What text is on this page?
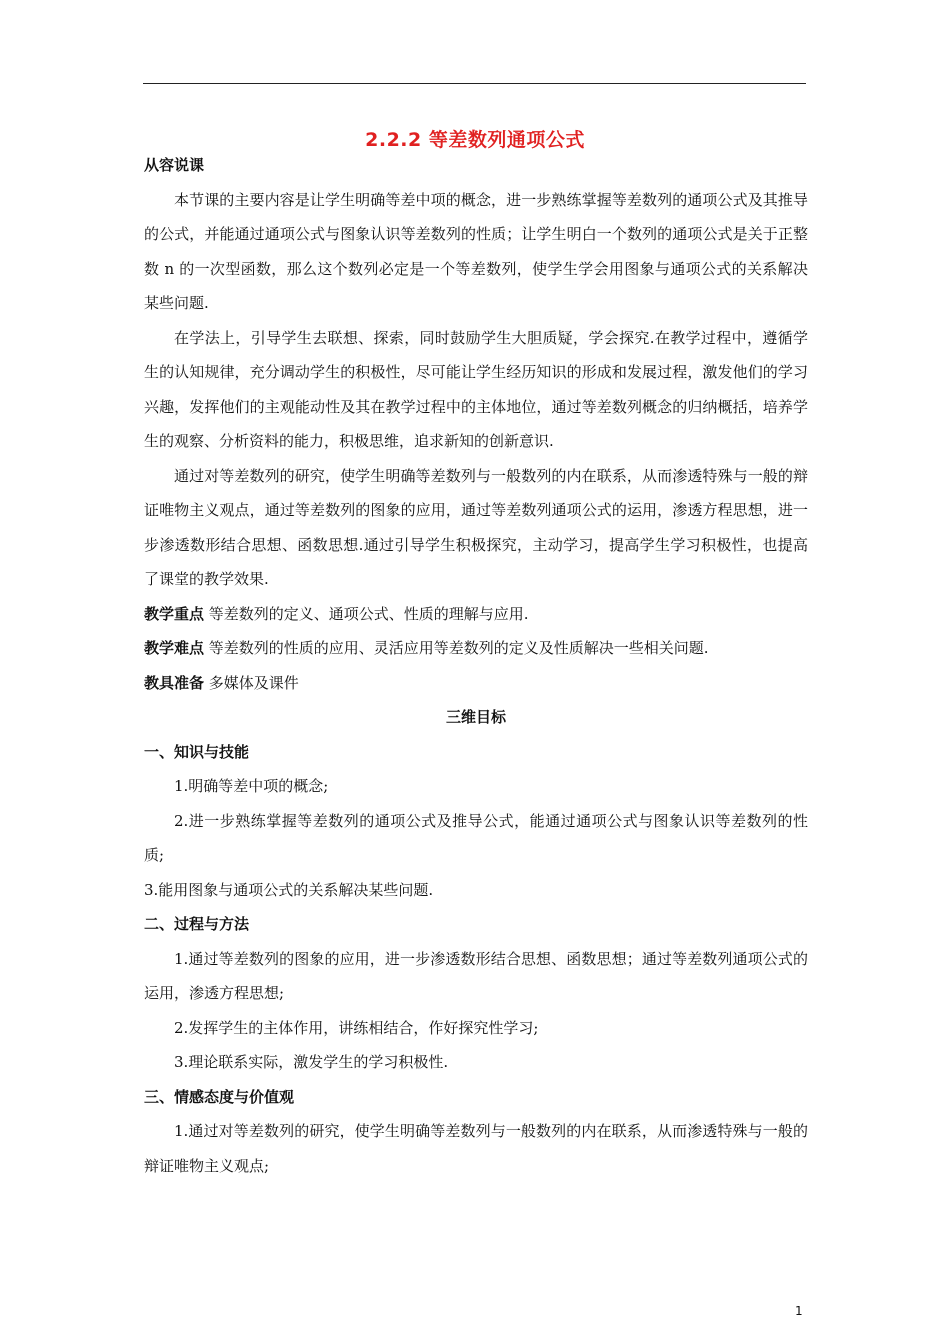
2.2.2 等差数列通项公式

从容说课

本节课的主要内容是让学生明确等差中项的概念，进一步熟练掌握等差数列的通项公式及其推导的公式，并能通过通项公式与图象认识等差数列的性质；让学生明白一个数列的通项公式是关于正整数 n 的一次型函数，那么这个数列必定是一个等差数列，使学生学会用图象与通项公式的关系解决某些问题.

在学法上，引导学生去联想、探索，同时鼓励学生大胆质疑，学会探究.在教学过程中，遵循学生的认知规律，充分调动学生的积极性，尽可能让学生经历知识的形成和发展过程，激发他们的学习兴趣，发挥他们的主观能动性及其在教学过程中的主体地位，通过等差数列概念的归纳概括，培养学生的观察、分析资料的能力，积极思维，追求新知的创新意识.

通过对等差数列的研究，使学生明确等差数列与一般数列的内在联系，从而渗透特殊与一般的辩证唯物主义观点，通过等差数列的图象的应用，通过等差数列通项公式的运用，渗透方程思想，进一步渗透数形结合思想、函数思想.通过引导学生积极探究，主动学习，提高学生学习积极性，也提高了课堂的教学效果.

教学重点 等差数列的定义、通项公式、性质的理解与应用.

教学难点 等差数列的性质的应用、灵活应用等差数列的定义及性质解决一些相关问题.

教具准备 多媒体及课件

三维目标

一、知识与技能

1.明确等差中项的概念;

2.进一步熟练掌握等差数列的通项公式及推导公式，能通过通项公式与图象认识等差数列的性质;

3.能用图象与通项公式的关系解决某些问题.

二、过程与方法

1.通过等差数列的图象的应用，进一步渗透数形结合思想、函数思想；通过等差数列通项公式的运用，渗透方程思想;

2.发挥学生的主体作用，讲练相结合，作好探究性学习;

3.理论联系实际，激发学生的学习积极性.

三、情感态度与价值观

1.通过对等差数列的研究，使学生明确等差数列与一般数列的内在联系，从而渗透特殊与一般的辩证唯物主义观点;

1
